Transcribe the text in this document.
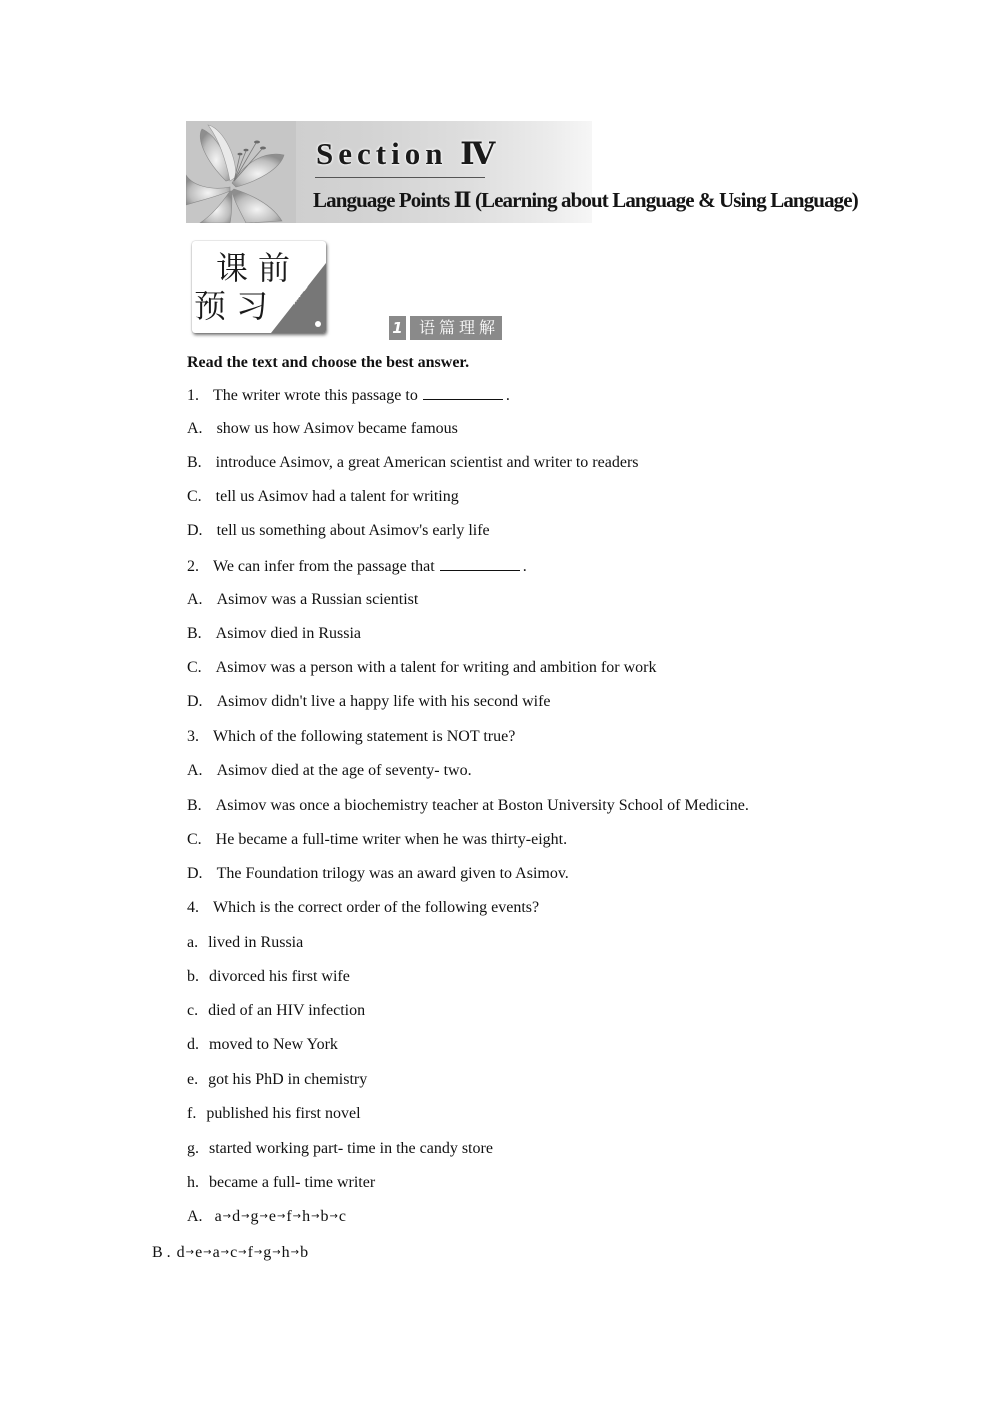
Section Ⅳ
Language Points Ⅱ (Learning about Language & Using Language)
课前
预习 熟记
1	语篇理解
Read the text and choose the best answer.
1. The writer wrote this passage to	.
A. show us how Asimov became famous
B. introduce Asimov, a great American scientist and writer to readers
C. tell us Asimov had a talent for writing
D. tell us something about Asimov's early life
2. We can infer from the passage that	.
A. Asimov was a Russian scientist
B. Asimov died in Russia
C. Asimov was a person with a talent for writing and ambition for work
D. Asimov didn't live a happy life with his second wife
3. Which of the following statement is NOT true?
A. Asimov died at the age of seventy- two.
B. Asimov was once a biochemistry teacher at Boston University School of Medicine.
C. He became a full-time writer when he was thirty-eight.
D. The Foundation trilogy was an award given to Asimov.
4. Which is the correct order of the following events?
a. lived in Russia
b. divorced his first wife
c. died of an HIV infection
d. moved to New York
e. got his PhD in chemistry
f. published his first novel
g. started working part- time in the candy store
h. became a full- time writer
A. a → d → g → e → f → h → b → c
B . d → e → a → c → f → g → h → b
